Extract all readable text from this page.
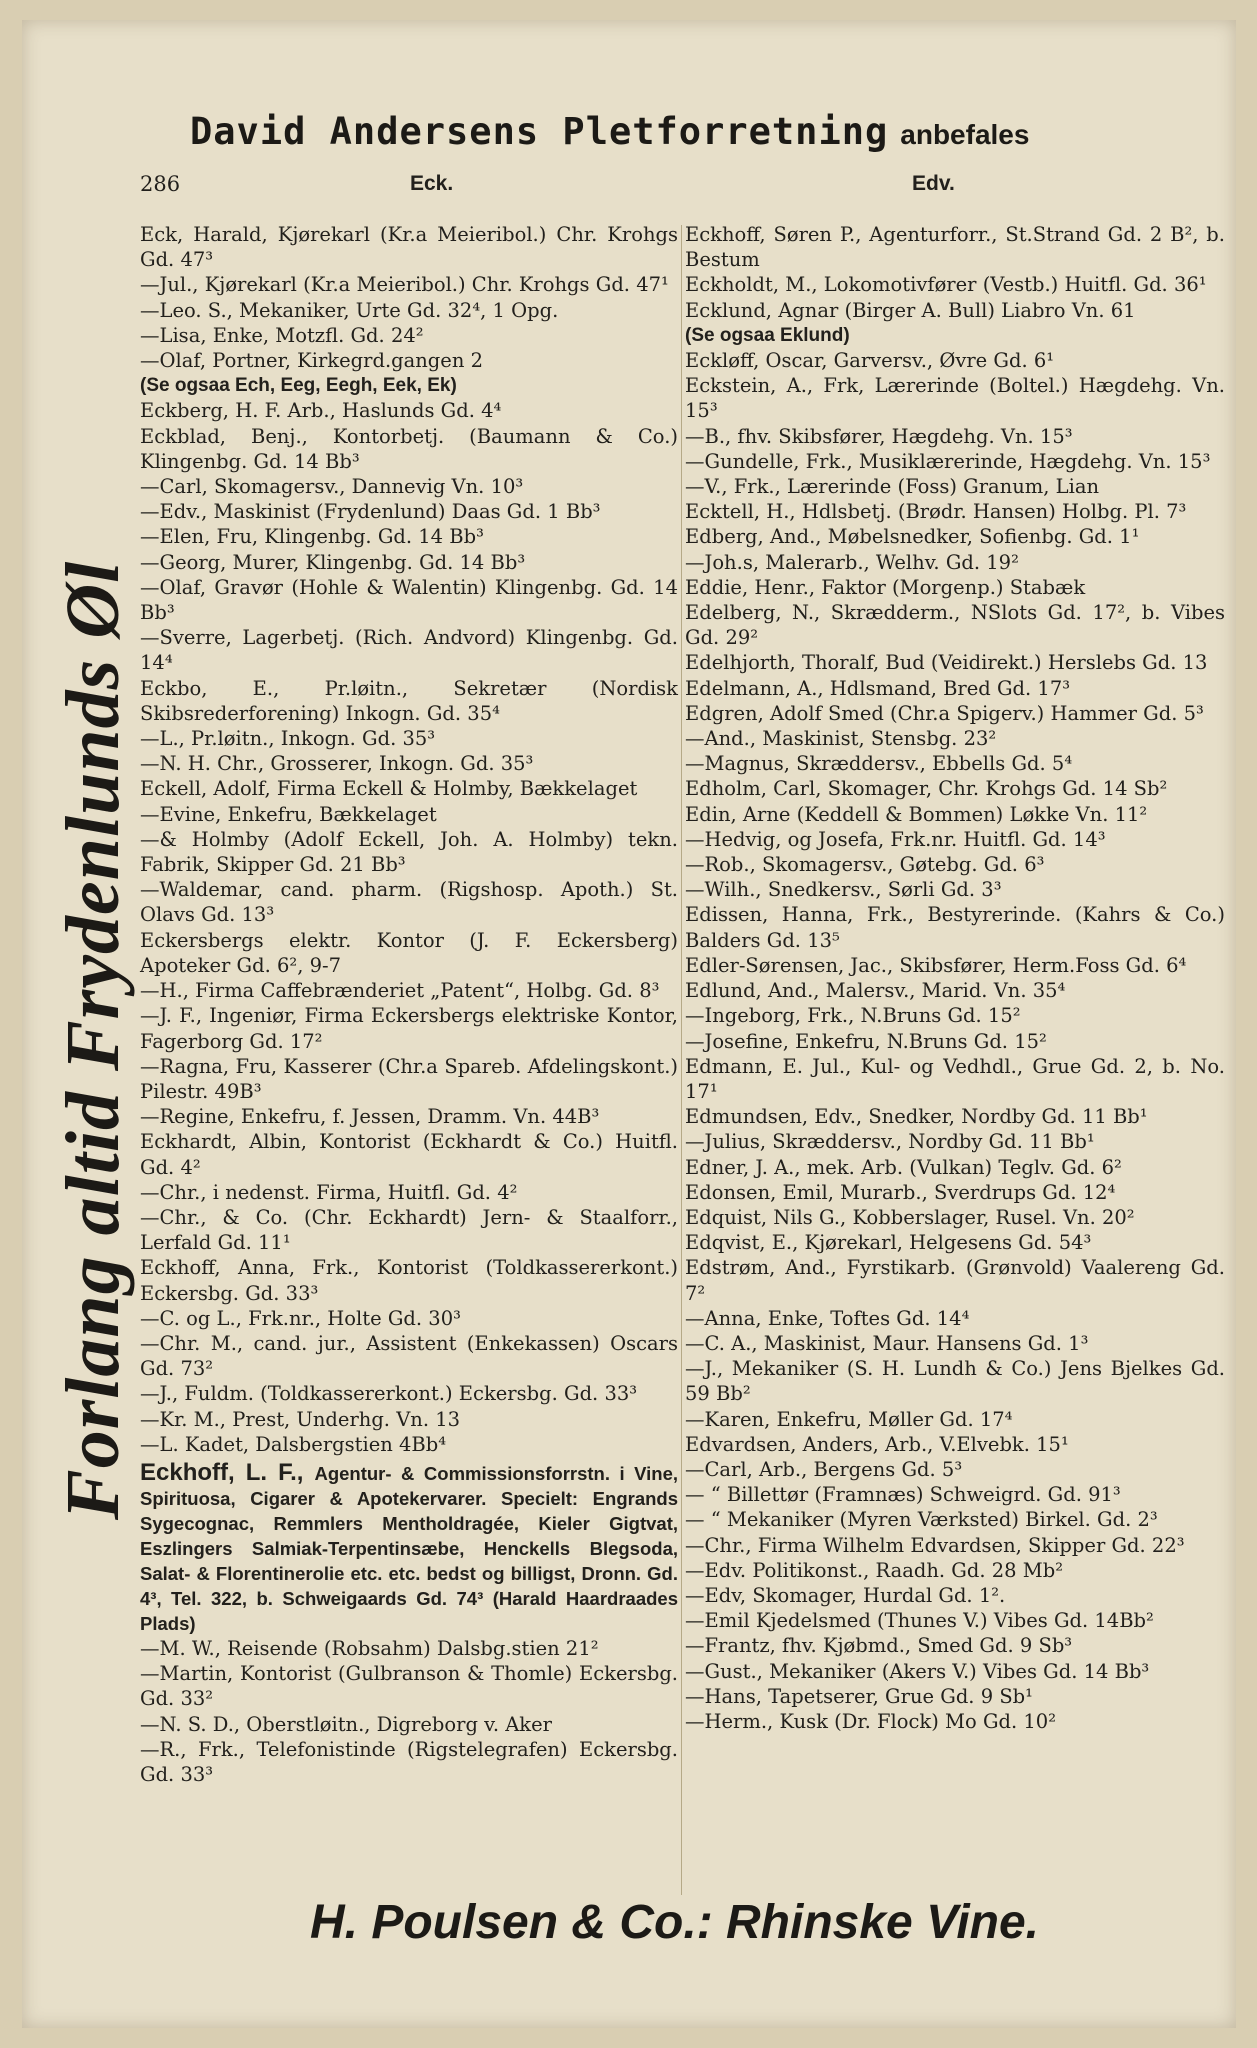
David Andersens Pletforretning anbefales
286	Eck.	Edv.
Forlang altid Frydenlunds Øl
Eck, Harald, Kjørekarl (Kr.a Meieribol.) Chr. Krohgs Gd. 47³
—Jul., Kjørekarl (Kr.a Meieribol.) Chr. Krohgs Gd. 47¹
—Leo. S., Mekaniker, Urte Gd. 32⁴, 1 Opg.
—Lisa, Enke, Motzfl. Gd. 24²
—Olaf, Portner, Kirkegrd.gangen 2
(Se ogsaa Ech, Eeg, Eegh, Eek, Ek)
Eckberg, H. F. Arb., Haslunds Gd. 4⁴
Eckblad, Benj., Kontorbetj. (Baumann & Co.) Klingenbg. Gd. 14 Bb³
—Carl, Skomagersv., Dannevig Vn. 10³
—Edv., Maskinist (Frydenlund) Daas Gd. 1 Bb³
—Elen, Fru, Klingenbg. Gd. 14 Bb³
—Georg, Murer, Klingenbg. Gd. 14 Bb³
—Olaf, Gravør (Hohle & Walentin) Klingenbg. Gd. 14 Bb³
—Sverre, Lagerbetj. (Rich. Andvord) Klingenbg. Gd. 14⁴
Eckbo, E., Pr.løitn., Sekretær (Nordisk Skibsrederforening) Inkogn. Gd. 35⁴
—L., Pr.løitn., Inkogn. Gd. 35³
—N. H. Chr., Grosserer, Inkogn. Gd. 35³
Eckell, Adolf, Firma Eckell & Holmby, Bækkelaget
—Evine, Enkefru, Bækkelaget
—& Holmby (Adolf Eckell, Joh. A. Holmby) tekn. Fabrik, Skipper Gd. 21 Bb³
—Waldemar, cand. pharm. (Rigshosp. Apoth.) St. Olavs Gd. 13³
Eckersbergs elektr. Kontor (J. F. Eckersberg) Apoteker Gd. 6², 9-7
—H., Firma Caffebrænderiet „Patent“, Holbg. Gd. 8³
—J. F., Ingeniør, Firma Eckersbergs elektriske Kontor, Fagerborg Gd. 17²
—Ragna, Fru, Kasserer (Chr.a Spareb. Afdelingskont.) Pilestr. 49B³
—Regine, Enkefru, f. Jessen, Dramm. Vn. 44B³
Eckhardt, Albin, Kontorist (Eckhardt & Co.) Huitfl. Gd. 4²
—Chr., i nedenst. Firma, Huitfl. Gd. 4²
—Chr., & Co. (Chr. Eckhardt) Jern- & Staalforr., Lerfald Gd. 11¹
Eckhoff, Anna, Frk., Kontorist (Toldkassererkont.) Eckersbg. Gd. 33³
—C. og L., Frk.nr., Holte Gd. 30³
—Chr. M., cand. jur., Assistent (Enkekassen) Oscars Gd. 73²
—J., Fuldm. (Toldkassererkont.) Eckersbg. Gd. 33³
—Kr. M., Prest, Underhg. Vn. 13
—L. Kadet, Dalsbergstien 4Bb⁴
Eckhoff, L. F., Agentur- & Commissionsforrstn. i Vine, Spirituosa, Cigarer & Apotekervarer. Specielt: Engrands Sygecognac, Remmlers Mentholdragée, Kieler Gigtvat, Eszlingers Salmiak-Terpentinsæbe, Henckells Blegsoda, Salat- & Florentinerolie etc. etc. bedst og billigst, Dronn. Gd. 4³, Tel. 322, b. Schweigaards Gd. 74³ (Harald Haardraades Plads)
—M. W., Reisende (Robsahm) Dalsbg.stien 21²
—Martin, Kontorist (Gulbranson & Thomle) Eckersbg. Gd. 33²
—N. S. D., Oberstløitn., Digreborg v. Aker
—R., Frk., Telefonistinde (Rigstelegrafen) Eckersbg. Gd. 33³
Eckhoff, Søren P., Agenturforr., St.Strand Gd. 2 B², b. Bestum
Eckholdt, M., Lokomotivfører (Vestb.) Huitfl. Gd. 36¹
Ecklund, Agnar (Birger A. Bull) Liabro Vn. 61
(Se ogsaa Eklund)
Eckløff, Oscar, Garversv., Øvre Gd. 6¹
Eckstein, A., Frk, Lærerinde (Boltel.) Hægdehg. Vn. 15³
—B., fhv. Skibsfører, Hægdehg. Vn. 15³
—Gundelle, Frk., Musiklærerinde, Hægdehg. Vn. 15³
—V., Frk., Lærerinde (Foss) Granum, Lian
Ecktell, H., Hdlsbetj. (Brødr. Hansen) Holbg. Pl. 7³
Edberg, And., Møbelsnedker, Sofienbg. Gd. 1¹
—Joh.s, Malerarb., Welhv. Gd. 19²
Eddie, Henr., Faktor (Morgenp.) Stabæk
Edelberg, N., Skrædderm., NSlots Gd. 17², b. Vibes Gd. 29²
Edelhjorth, Thoralf, Bud (Veidirekt.) Herslebs Gd. 13
Edelmann, A., Hdlsmand, Bred Gd. 17³
Edgren, Adolf Smed (Chr.a Spigerv.) Hammer Gd. 5³
—And., Maskinist, Stensbg. 23²
—Magnus, Skræddersv., Ebbells Gd. 5⁴
Edholm, Carl, Skomager, Chr. Krohgs Gd. 14 Sb²
Edin, Arne (Keddell & Bommen) Løkke Vn. 11²
—Hedvig, og Josefa, Frk.nr. Huitfl. Gd. 14³
—Rob., Skomagersv., Gøtebg. Gd. 6³
—Wilh., Snedkersv., Sørli Gd. 3³
Edissen, Hanna, Frk., Bestyrerinde. (Kahrs & Co.) Balders Gd. 13⁵
Edler-Sørensen, Jac., Skibsfører, Herm.Foss Gd. 6⁴
Edlund, And., Malersv., Marid. Vn. 35⁴
—Ingeborg, Frk., N.Bruns Gd. 15²
—Josefine, Enkefru, N.Bruns Gd. 15²
Edmann, E. Jul., Kul- og Vedhdl., Grue Gd. 2, b. No. 17¹
Edmundsen, Edv., Snedker, Nordby Gd. 11 Bb¹
—Julius, Skræddersv., Nordby Gd. 11 Bb¹
Edner, J. A., mek. Arb. (Vulkan) Teglv. Gd. 6²
Edonsen, Emil, Murarb., Sverdrups Gd. 12⁴
Edquist, Nils G., Kobberslager, Rusel. Vn. 20²
Edqvist, E., Kjørekarl, Helgesens Gd. 54³
Edstrøm, And., Fyrstikarb. (Grønvold) Vaalereng Gd. 7²
—Anna, Enke, Toftes Gd. 14⁴
—C. A., Maskinist, Maur. Hansens Gd. 1³
—J., Mekaniker (S. H. Lundh & Co.) Jens Bjelkes Gd. 59 Bb²
—Karen, Enkefru, Møller Gd. 17⁴
Edvardsen, Anders, Arb., V.Elvebk. 15¹
—Carl, Arb., Bergens Gd. 5³
— “ Billettør (Framnæs) Schweigrd. Gd. 91³
— “ Mekaniker (Myren Værksted) Birkel. Gd. 2³
—Chr., Firma Wilhelm Edvardsen, Skipper Gd. 22³
—Edv. Politikonst., Raadh. Gd. 28 Mb²
—Edv, Skomager, Hurdal Gd. 1².
—Emil Kjedelsmed (Thunes V.) Vibes Gd. 14Bb²
—Frantz, fhv. Kjøbmd., Smed Gd. 9 Sb³
—Gust., Mekaniker (Akers V.) Vibes Gd. 14 Bb³
—Hans, Tapetserer, Grue Gd. 9 Sb¹
—Herm., Kusk (Dr. Flock) Mo Gd. 10²
H. Poulsen & Co.: Rhinske Vine.
